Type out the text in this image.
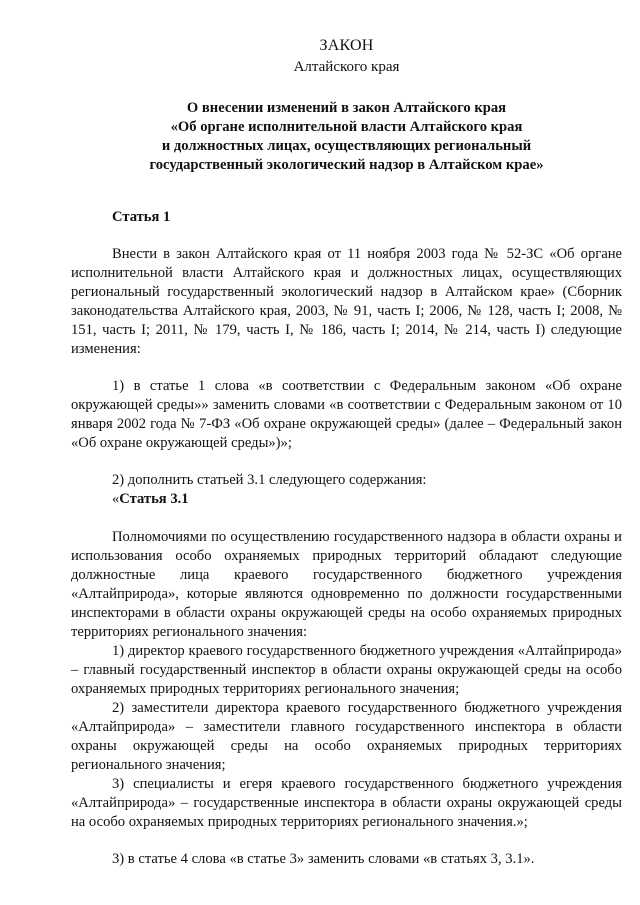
ЗАКОН
Алтайского края
О внесении изменений в закон Алтайского края
«Об органе исполнительной власти Алтайского края
и должностных лицах, осуществляющих региональный
государственный экологический надзор в Алтайском крае»
Статья 1

Внести в закон Алтайского края от 11 ноября 2003 года № 52-ЗС «Об органе исполнительной власти Алтайского края и должностных лицах, осуществляющих региональный государственный экологический надзор в Алтайском крае» (Сборник законодательства Алтайского края, 2003, № 91, часть I; 2006, № 128, часть I; 2008, № 151, часть I; 2011, № 179, часть I, № 186, часть I; 2014, № 214, часть I) следующие изменения:

1) в статье 1 слова «в соответствии с Федеральным законом «Об охране окружающей среды»» заменить словами «в соответствии с Федеральным законом от 10 января 2002 года № 7-ФЗ «Об охране окружающей среды» (далее – Федеральный закон «Об охране окружающей среды»)»;

2) дополнить статьей 3.1 следующего содержания:

«Статья 3.1

Полномочиями по осуществлению государственного надзора в области охраны и использования особо охраняемых природных территорий обладают следующие должностные лица краевого государственного бюджетного учреждения «Алтайприрода», которые являются одновременно по должности государственными инспекторами в области охраны окружающей среды на особо охраняемых природных территориях регионального значения:

1) директор краевого государственного бюджетного учреждения «Алтайприрода» – главный государственный инспектор в области охраны окружающей среды на особо охраняемых природных территориях регионального значения;

2) заместители директора краевого государственного бюджетного учреждения «Алтайприрода» – заместители главного государственного инспектора в области охраны окружающей среды на особо охраняемых природных территориях регионального значения;

3) специалисты и егеря краевого государственного бюджетного учреждения «Алтайприрода» – государственные инспектора в области охраны окружающей среды на особо охраняемых природных территориях регионального значения.»;

3) в статье 4 слова «в статье 3» заменить словами «в статьях 3, 3.1».
